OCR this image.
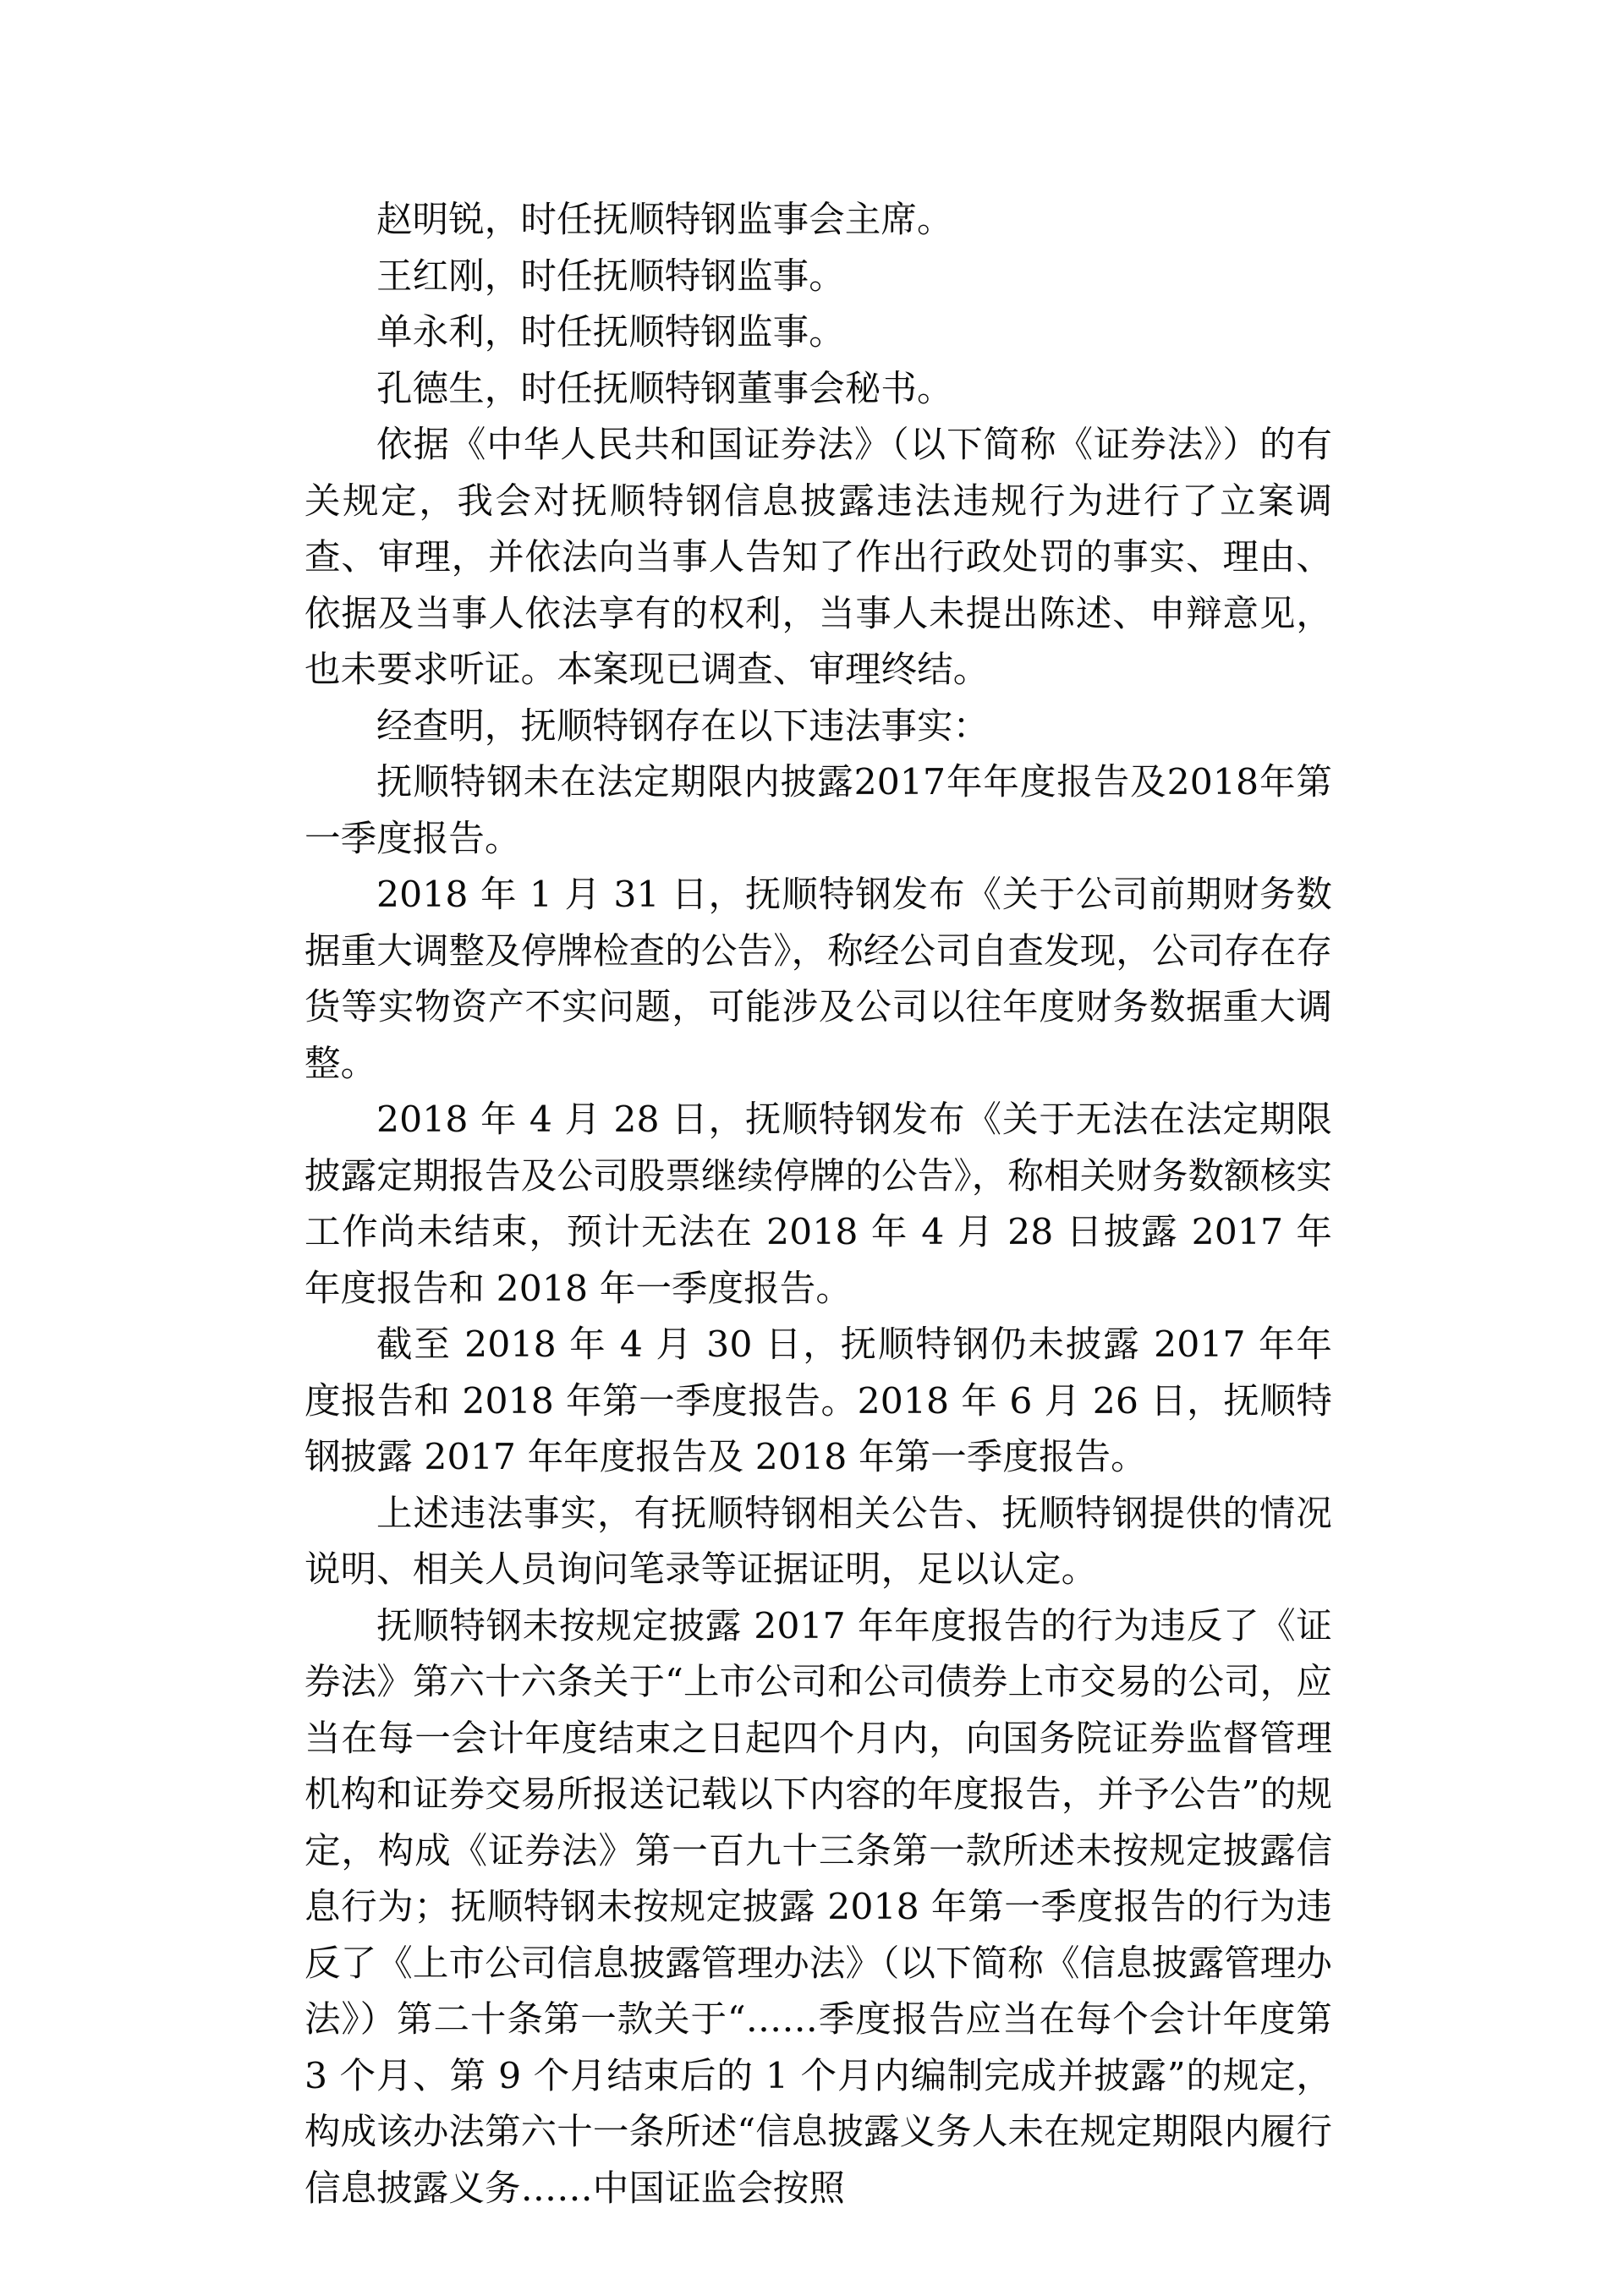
赵明锐，时任抚顺特钢监事会主席。

王红刚，时任抚顺特钢监事。

单永利，时任抚顺特钢监事。

孔德生，时任抚顺特钢董事会秘书。

依据《中华人民共和国证券法》（以下简称《证券法》）的有关规定，我会对抚顺特钢信息披露违法违规行为进行了立案调查、审理，并依法向当事人告知了作出行政处罚的事实、理由、依据及当事人依法享有的权利，当事人未提出陈述、申辩意见，也未要求听证。本案现已调查、审理终结。

经查明，抚顺特钢存在以下违法事实：

抚顺特钢未在法定期限内披露2017年年度报告及2018年第一季度报告。

2018 年 1 月 31 日，抚顺特钢发布《关于公司前期财务数据重大调整及停牌检查的公告》，称经公司自查发现，公司存在存货等实物资产不实问题，可能涉及公司以往年度财务数据重大调整。

2018 年 4 月 28 日，抚顺特钢发布《关于无法在法定期限披露定期报告及公司股票继续停牌的公告》，称相关财务数额核实工作尚未结束，预计无法在 2018 年 4 月 28 日披露 2017 年年度报告和 2018 年一季度报告。

截至 2018 年 4 月 30 日，抚顺特钢仍未披露 2017 年年度报告和 2018 年第一季度报告。2018 年 6 月 26 日，抚顺特钢披露 2017 年年度报告及 2018 年第一季度报告。

上述违法事实，有抚顺特钢相关公告、抚顺特钢提供的情况说明、相关人员询问笔录等证据证明，足以认定。

抚顺特钢未按规定披露 2017 年年度报告的行为违反了《证券法》第六十六条关于“上市公司和公司债券上市交易的公司，应当在每一会计年度结束之日起四个月内，向国务院证券监督管理机构和证券交易所报送记载以下内容的年度报告，并予公告”的规定，构成《证券法》第一百九十三条第一款所述未按规定披露信息行为；抚顺特钢未按规定披露 2018 年第一季度报告的行为违反了《上市公司信息披露管理办法》（以下简称《信息披露管理办法》）第二十条第一款关于“……季度报告应当在每个会计年度第 3 个月、第 9 个月结束后的 1 个月内编制完成并披露”的规定，构成该办法第六十一条所述“信息披露义务人未在规定期限内履行信息披露义务……中国证监会按照
